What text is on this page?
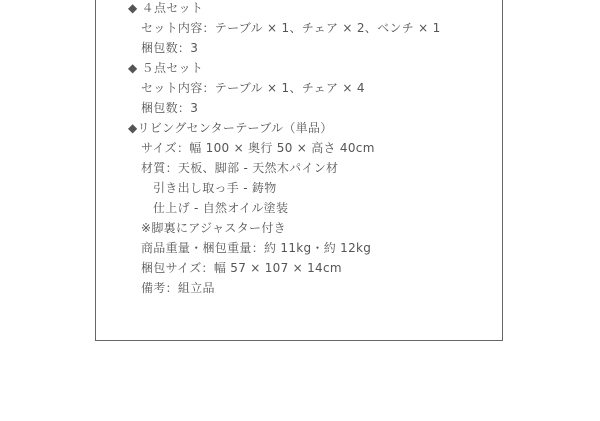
◆ ４点セット
セット内容：テーブル × 1、チェア × 2、ベンチ × 1
梱包数：3
◆ ５点セット
セット内容：テーブル × 1、チェア × 4
梱包数：3
◆リビングセンターテーブル（単品）
サイズ：幅 100 × 奥行 50 × 高さ 40cm
材質：天板、脚部 - 天然木パイン材
引き出し取っ手 - 鋳物
仕上げ - 自然オイル塗装
※脚裏にアジャスター付き
商品重量・梱包重量：約 11kg・約 12kg
梱包サイズ：幅 57 × 107 × 14cm
備考：組立品
